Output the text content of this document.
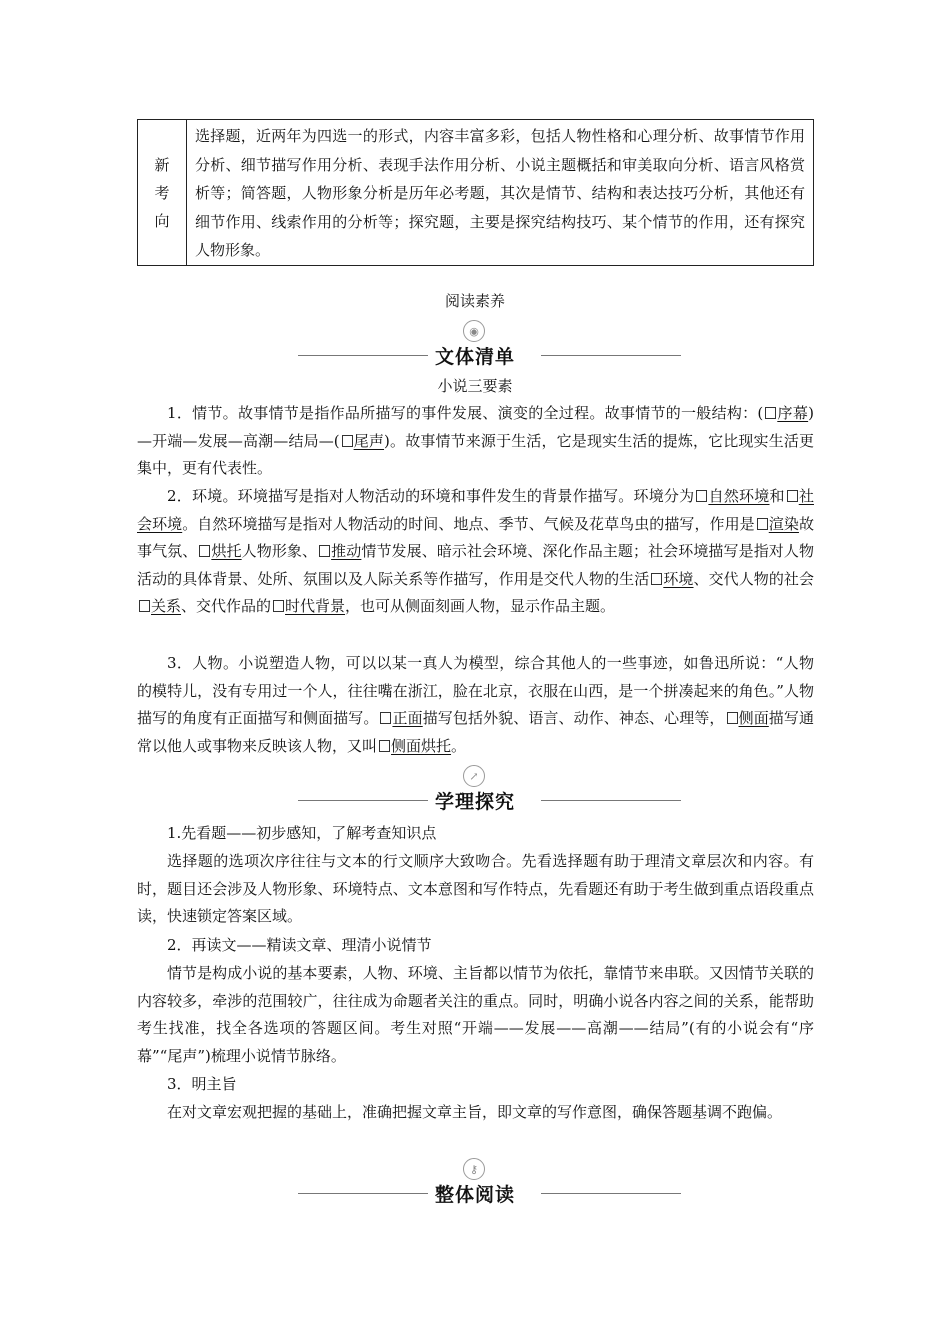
新
考
向
选择题，近两年为四选一的形式，内容丰富多彩，包括人物性格和心理分析、故事情节作用分析、细节描写作用分析、表现手法作用分析、小说主题概括和审美取向分析、语言风格赏析等；简答题，人物形象分析是历年必考题，其次是情节、结构和表达技巧分析，其他还有细节作用、线索作用的分析等；探究题，主要是探究结构技巧、某个情节的作用，还有探究人物形象。
阅读素养
◉
文体清单
小说三要素
1．情节。故事情节是指作品所描写的事件发展、演变的全过程。故事情节的一般结构：( 序幕)—开端—发展—高潮—结局—( 尾声)。故事情节来源于生活，它是现实生活的提炼，它比现实生活更集中，更有代表性。
2．环境。环境描写是指对人物活动的环境和事件发生的背景作描写。环境分为 自然环境和 社会环境。自然环境描写是指对人物活动的时间、地点、季节、气候及花草鸟虫的描写，作用是 渲染故事气氛、 烘托人物形象、 推动情节发展、暗示社会环境、深化作品主题；社会环境描写是指对人物活动的具体背景、处所、氛围以及人际关系等作描写，作用是交代人物的生活 环境、交代人物的社会关系、交代作品的 时代背景，也可从侧面刻画人物，显示作品主题。
3．人物。小说塑造人物，可以以某一真人为模型，综合其他人的一些事迹，如鲁迅所说：“人物的模特儿，没有专用过一个人，往往嘴在浙江，脸在北京，衣服在山西，是一个拼凑起来的角色。”人物描写的角度有正面描写和侧面描写。 正面描写包括外貌、语言、动作、神态、心理等， 侧面描写通常以他人或事物来反映该人物，又叫 侧面烘托。
↗
学理探究
1.先看题——初步感知，了解考查知识点
选择题的选项次序往往与文本的行文顺序大致吻合。先看选择题有助于理清文章层次和内容。有时，题目还会涉及人物形象、环境特点、文本意图和写作特点，先看题还有助于考生做到重点语段重点读，快速锁定答案区域。
2．再读文——精读文章、理清小说情节
情节是构成小说的基本要素，人物、环境、主旨都以情节为依托，靠情节来串联。又因情节关联的内容较多，牵涉的范围较广，往往成为命题者关注的重点。同时，明确小说各内容之间的关系，能帮助考生找准，找全各选项的答题区间。考生对照“开端——发展——高潮——结局”(有的小说会有“序幕”“尾声”)梳理小说情节脉络。
3．明主旨
在对文章宏观把握的基础上，准确把握文章主旨，即文章的写作意图，确保答题基调不跑偏。
⚷
整体阅读
